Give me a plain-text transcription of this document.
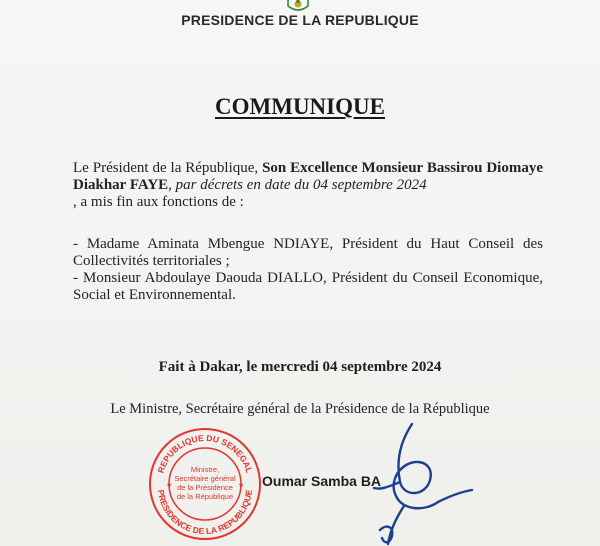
PRESIDENCE DE LA REPUBLIQUE
COMMUNIQUE
Le Président de la République, Son Excellence Monsieur Bassirou Diomaye Diakhar FAYE, par décrets en date du 04 septembre 2024
, a mis fin aux fonctions de :
- Madame Aminata Mbengue NDIAYE, Président du Haut Conseil des Collectivités territoriales ;
- Monsieur Abdoulaye Daouda DIALLO, Président du Conseil Economique, Social et Environnemental.
Fait à Dakar, le mercredi 04 septembre 2024
Le Ministre, Secrétaire général de la Présidence de la République
REPUBLIQUE DU SENEGAL
PRESIDENCE DE LA REPUBLIQUE
Ministre,
Secrétaire général
de la Présidence
de la République
★	★ Oumar Samba BA
